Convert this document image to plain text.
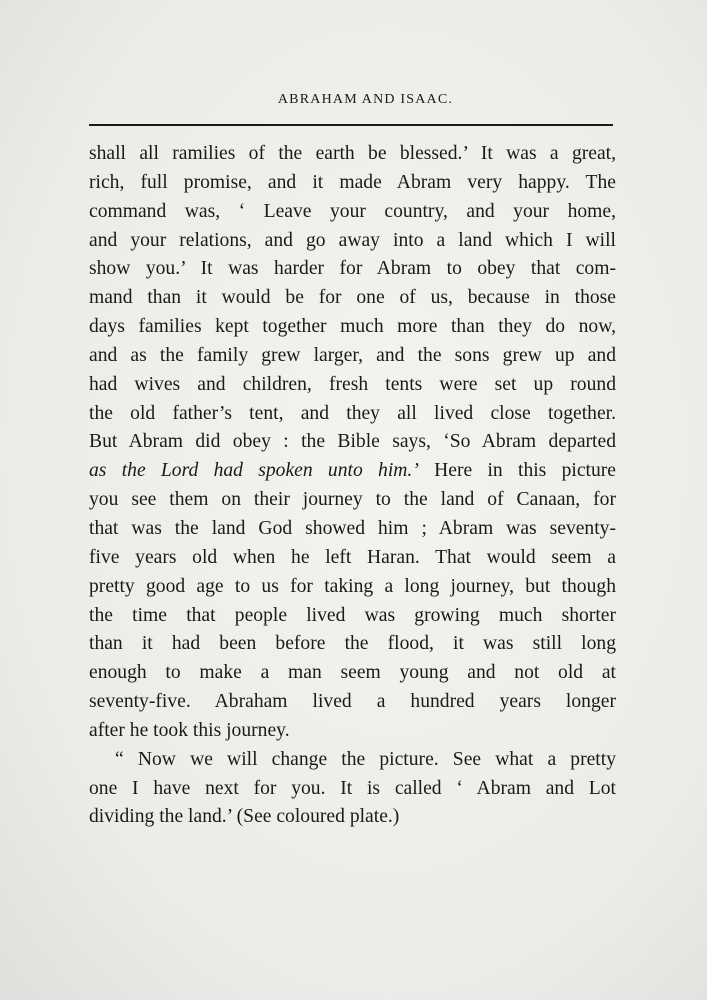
ABRAHAM AND ISAAC.
shall all ramilies of the earth be blessed.’ It was a great,
rich, full promise, and it made Abram very happy. The
command was, ‘ Leave your country, and your home,
and your relations, and go away into a land which I will
show you.’ It was harder for Abram to obey that com-
mand than it would be for one of us, because in those
days families kept together much more than they do now,
and as the family grew larger, and the sons grew up and
had wives and children, fresh tents were set up round
the old father’s tent, and they all lived close together.
But Abram did obey : the Bible says, ‘So Abram departed
as the Lord had spoken unto him.’ Here in this picture
you see them on their journey to the land of Canaan, for
that was the land God showed him ; Abram was seventy-
five years old when he left Haran. That would seem a
pretty good age to us for taking a long journey, but though
the time that people lived was growing much shorter
than it had been before the flood, it was still long
enough to make a man seem young and not old at
seventy-five. Abraham lived a hundred years longer
after he took this journey.
“ Now we will change the picture. See what a pretty
one I have next for you. It is called ‘ Abram and Lot
dividing the land.’ (See coloured plate.)
